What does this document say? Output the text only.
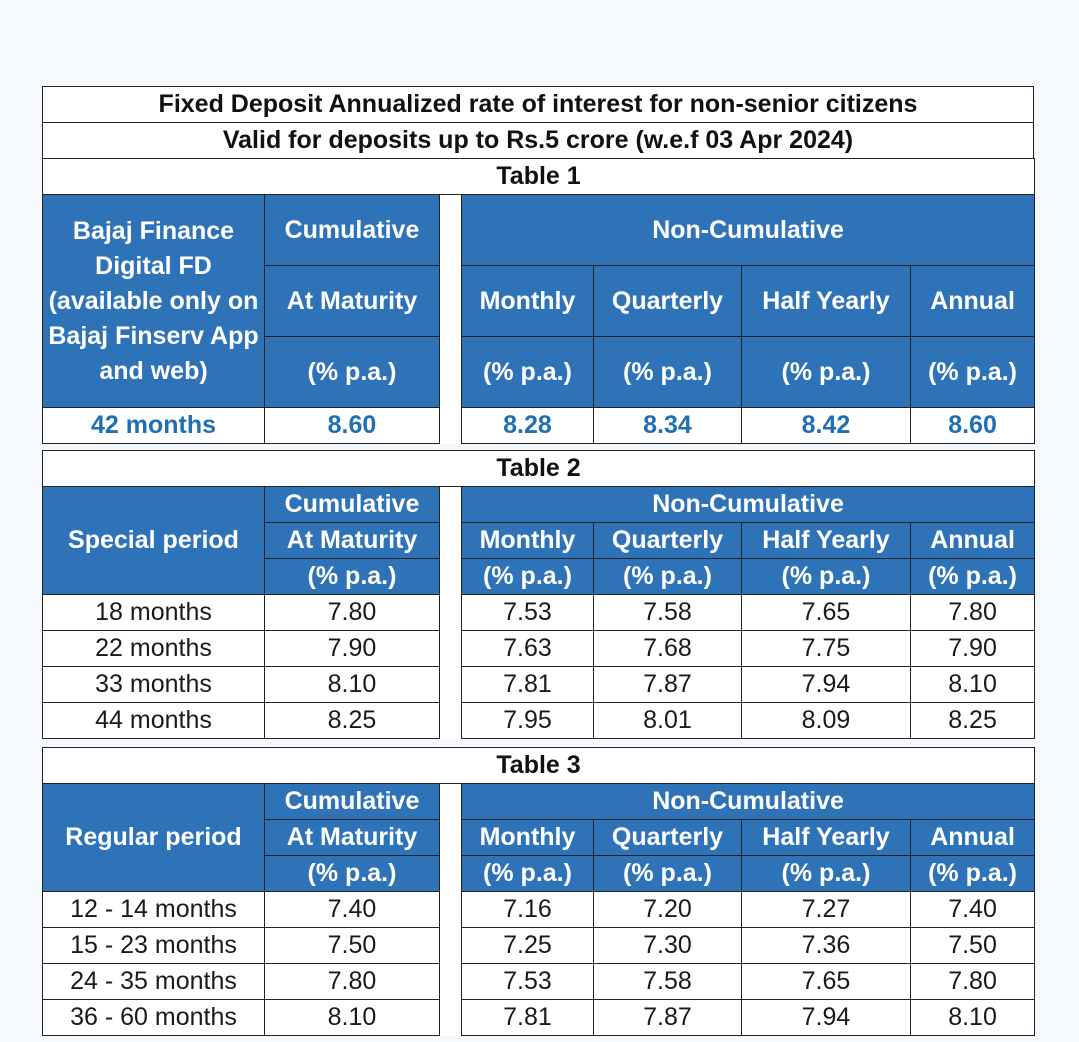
Fixed Deposit Annualized rate of interest for non-senior citizens
Valid for deposits up to Rs.5 crore (w.e.f 03 Apr 2024)
Table 1						
Bajaj Finance Digital FD (available only on Bajaj Finserv App and web)	Cumulative		Non-Cumulative			
	At Maturity		Monthly	Quarterly	Half Yearly	Annual
	(% p.a.)		(% p.a.)	(% p.a.)	(% p.a.)	(% p.a.)
42 months	8.60		8.28	8.34	8.42	8.60
Table 2						
Special period	Cumulative		Non-Cumulative			
	At Maturity		Monthly	Quarterly	Half Yearly	Annual
	(% p.a.)		(% p.a.)	(% p.a.)	(% p.a.)	(% p.a.)
18 months	7.80		7.53	7.58	7.65	7.80
22 months	7.90		7.63	7.68	7.75	7.90
33 months	8.10		7.81	7.87	7.94	8.10
44 months	8.25		7.95	8.01	8.09	8.25
Table 3						
Regular period	Cumulative		Non-Cumulative			
	At Maturity		Monthly	Quarterly	Half Yearly	Annual
	(% p.a.)		(% p.a.)	(% p.a.)	(% p.a.)	(% p.a.)
12 - 14 months	7.40		7.16	7.20	7.27	7.40
15 - 23 months	7.50		7.25	7.30	7.36	7.50
24 - 35 months	7.80		7.53	7.58	7.65	7.80
36 - 60 months	8.10		7.81	7.87	7.94	8.10
